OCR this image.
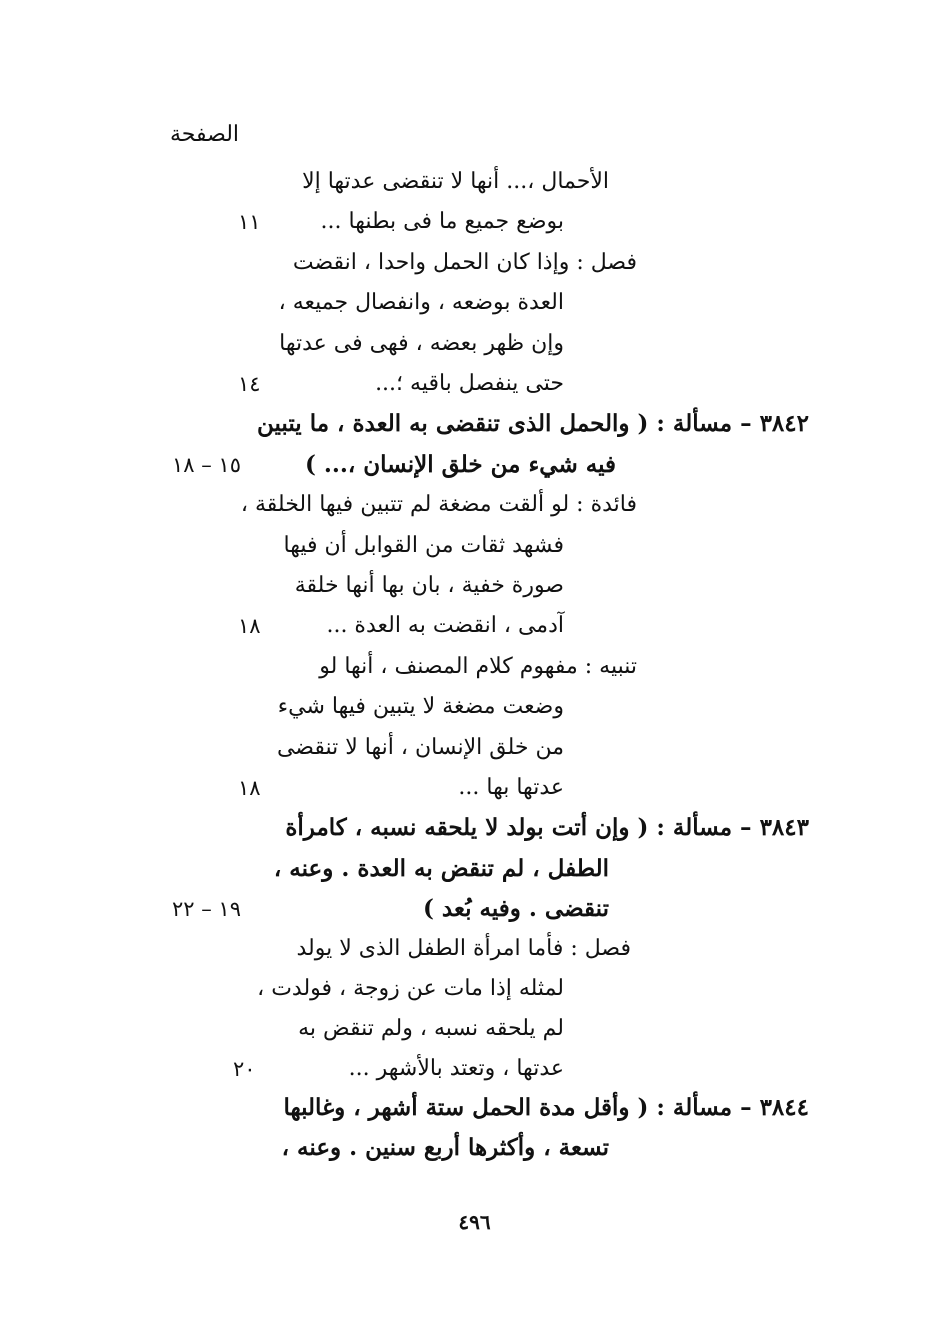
الصفحة
الأحمال ،... أنها لا تنقضى عدتها إلا
بوضع جميع ما فى بطنها ...
١١
فصل : وإذا كان الحمل واحدا ، انقضت
العدة بوضعه ، وانفصال جميعه ،
وإن ظهر بعضه ، فهى فى عدتها
حتى ينفصل باقيه ؛...
١٤
٣٨٤٢ – مسألة : ( والحمل الذى تنقضى به العدة ، ما يتبين
فيه شيء من خلق الإنسان ،... )
١٥ – ١٨
فائدة : لو ألقت مضغة لم تتبين فيها الخلقة ،
فشهد ثقات من القوابل أن فيها
صورة خفية ، بان بها أنها خلقة
آدمى ، انقضت به العدة ...
١٨
تنبيه : مفهوم كلام المصنف ، أنها لو
وضعت مضغة لا يتبين فيها شيء
من خلق الإنسان ، أنها لا تنقضى
عدتها بها ...
١٨
٣٨٤٣ – مسألة : ( وإن أتت بولد لا يلحقه نسبه ، كامرأة
الطفل ، لم تنقض به العدة . وعنه ،
تنقضى . وفيه بُعد )
١٩ – ٢٢
فصل : فأما امرأة الطفل الذى لا يولد
لمثله إذا مات عن زوجة ، فولدت ،
لم يلحقه نسبه ، ولم تنقض به
عدتها ، وتعتد بالأشهر ...
٢٠
٣٨٤٤ – مسألة : ( وأقل مدة الحمل ستة أشهر ، وغالبها
تسعة ، وأكثرها أربع سنين . وعنه ،
٤٩٦
